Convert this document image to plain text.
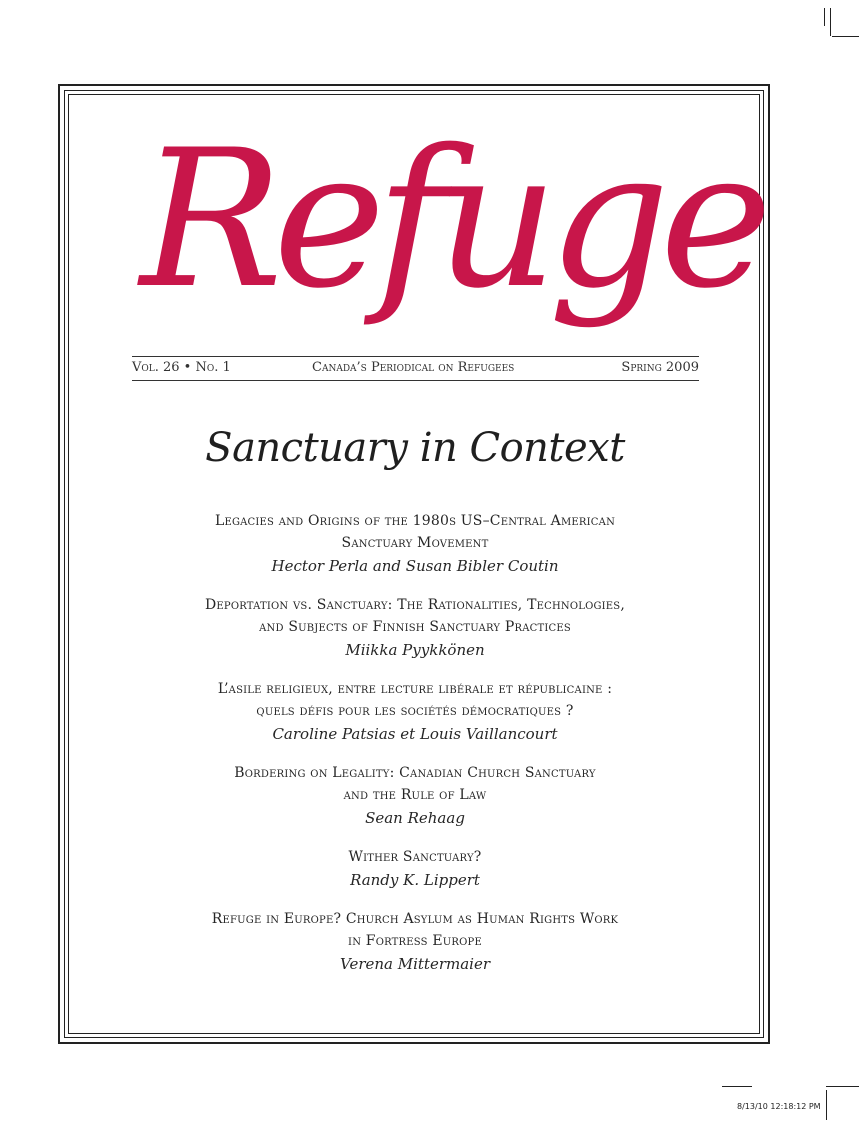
Refuge
Vol. 26 • No. 1	Canada’s Periodical on Refugees	Spring 2009
Sanctuary in Context
Legacies and Origins of the 1980s US–Central American
Sanctuary Movement
Hector Perla and Susan Bibler Coutin
Deportation vs. Sanctuary: The Rationalities, Technologies,
and Subjects of Finnish Sanctuary Practices
Miikka Pyykkönen
L’asile religieux, entre lecture libérale et républicaine :
quels défis pour les sociétés démocratiques ?
Caroline Patsias et Louis Vaillancourt
Bordering on Legality: Canadian Church Sanctuary
and the Rule of Law
Sean Rehaag
Wither Sanctuary?
Randy K. Lippert
Refuge in Europe? Church Asylum as Human Rights Work
in Fortress Europe
Verena Mittermaier
8/13/10 12:18:12 PM
